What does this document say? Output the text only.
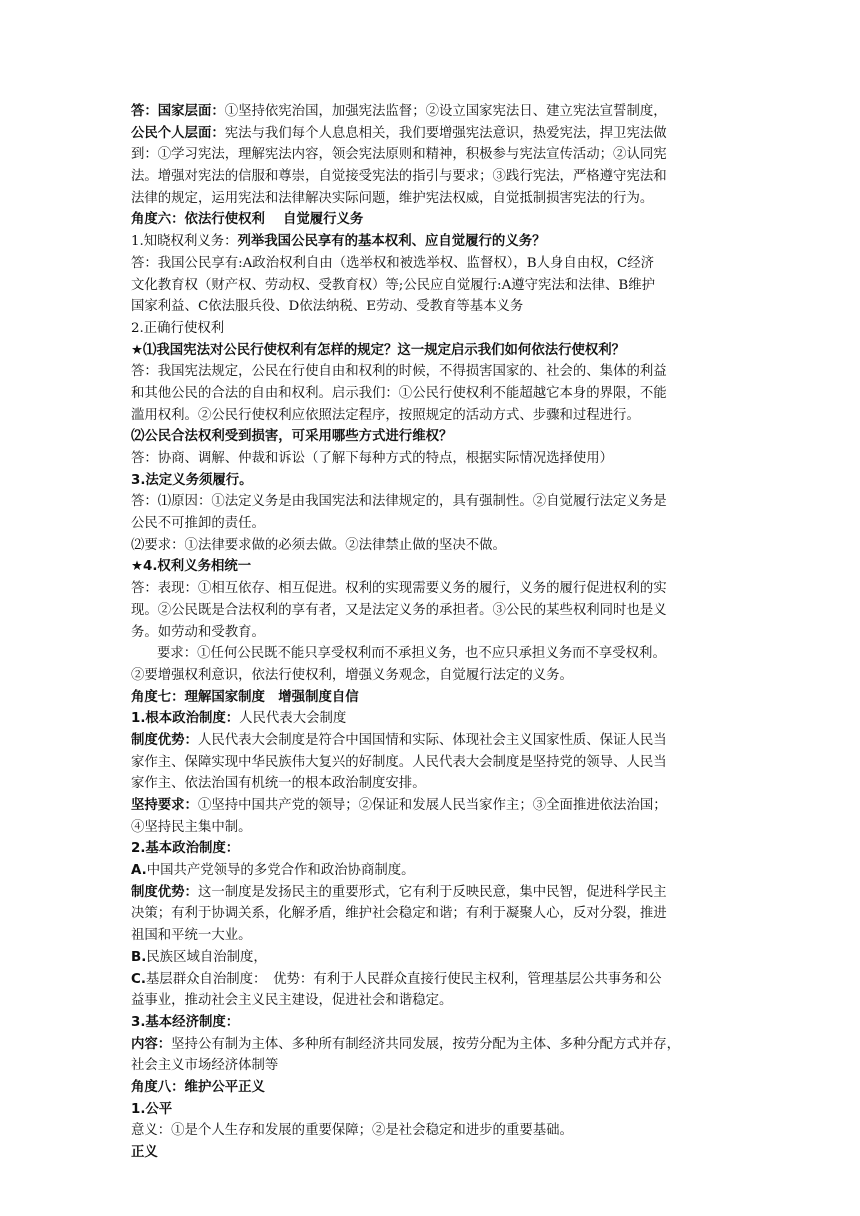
答：国家层面：①坚持依宪治国，加强宪法监督；②设立国家宪法日、建立宪法宣誓制度，
公民个人层面：宪法与我们每个人息息相关，我们要增强宪法意识，热爱宪法，捍卫宪法做
到：①学习宪法，理解宪法内容，领会宪法原则和精神，积极参与宪法宣传活动；②认同宪
法。增强对宪法的信服和尊崇，自觉接受宪法的指引与要求；③践行宪法，严格遵守宪法和
法律的规定，运用宪法和法律解决实际问题，维护宪法权威，自觉抵制损害宪法的行为。
角度六：依法行使权利　 自觉履行义务
1.知晓权利义务：列举我国公民享有的基本权利、应自觉履行的义务？
答：我国公民享有:A政治权利自由（选举权和被选举权、监督权），B人身自由权，C经济
文化教育权（财产权、劳动权、受教育权）等;公民应自觉履行:A遵守宪法和法律、B维护
国家利益、C依法服兵役、D依法纳税、E劳动、受教育等基本义务
2.正确行使权利
★⑴我国宪法对公民行使权利有怎样的规定？这一规定启示我们如何依法行使权利？
答：我国宪法规定，公民在行使自由和权利的时候，不得损害国家的、社会的、集体的利益
和其他公民的合法的自由和权利。启示我们：①公民行使权利不能超越它本身的界限，不能
滥用权利。②公民行使权利应依照法定程序，按照规定的活动方式、步骤和过程进行。
⑵公民合法权利受到损害，可采用哪些方式进行维权？
答：协商、调解、仲裁和诉讼（了解下每种方式的特点，根据实际情况选择使用）
3.法定义务须履行。
答：⑴原因：①法定义务是由我国宪法和法律规定的，具有强制性。②自觉履行法定义务是
公民不可推卸的责任。
⑵要求：①法律要求做的必须去做。②法律禁止做的坚决不做。
★4.权利义务相统一
答：表现：①相互依存、相互促进。权利的实现需要义务的履行，义务的履行促进权利的实
现。②公民既是合法权利的享有者，又是法定义务的承担者。③公民的某些权利同时也是义
务。如劳动和受教育。
要求：①任何公民既不能只享受权利而不承担义务，也不应只承担义务而不享受权利。
②要增强权利意识，依法行使权利，增强义务观念，自觉履行法定的义务。
角度七：理解国家制度　增强制度自信
1.根本政治制度：人民代表大会制度
制度优势：人民代表大会制度是符合中国国情和实际、体现社会主义国家性质、保证人民当
家作主、保障实现中华民族伟大复兴的好制度。人民代表大会制度是坚持党的领导、人民当
家作主、依法治国有机统一的根本政治制度安排。
坚持要求：①坚持中国共产党的领导；②保证和发展人民当家作主；③全面推进依法治国；
④坚持民主集中制。
2.基本政治制度：
A.中国共产党领导的多党合作和政治协商制度。
制度优势：这一制度是发扬民主的重要形式，它有利于反映民意，集中民智，促进科学民主
决策；有利于协调关系，化解矛盾，维护社会稳定和谐；有利于凝聚人心，反对分裂，推进
祖国和平统一大业。
B.民族区域自治制度，
C.基层群众自治制度：　优势：有利于人民群众直接行使民主权利，管理基层公共事务和公
益事业，推动社会主义民主建设，促进社会和谐稳定。
3.基本经济制度：
内容：坚持公有制为主体、多种所有制经济共同发展，按劳分配为主体、多种分配方式并存，
社会主义市场经济体制等
角度八：维护公平正义
1.公平
意义：①是个人生存和发展的重要保障；②是社会稳定和进步的重要基础。
正义
